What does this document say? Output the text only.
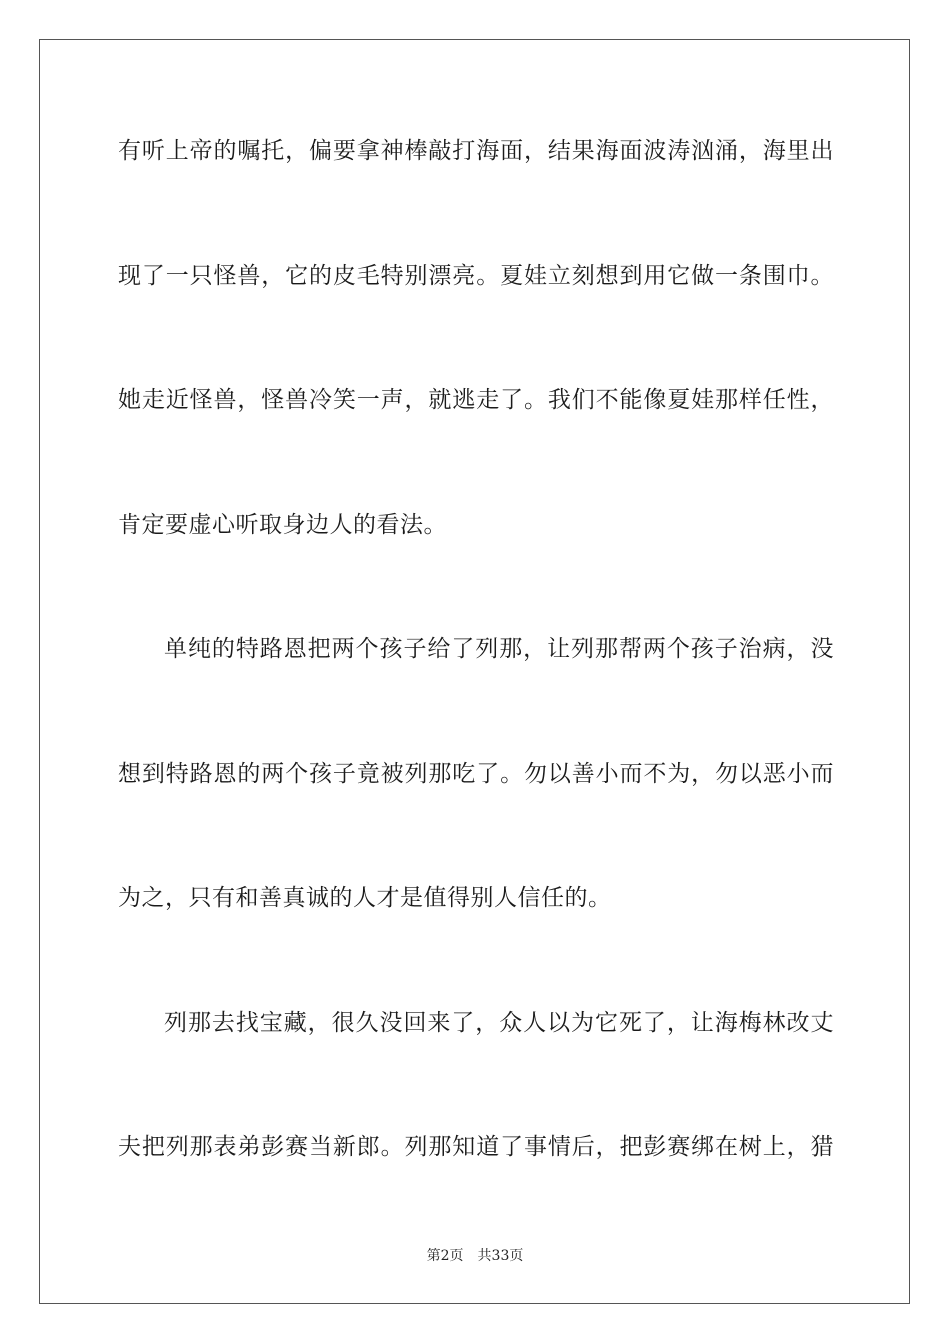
有听上帝的嘱托，偏要拿神棒敲打海面，结果海面波涛汹涌，海里出
现了一只怪兽，它的皮毛特别漂亮。夏娃立刻想到用它做一条围巾。
她走近怪兽，怪兽冷笑一声，就逃走了。我们不能像夏娃那样任性，
肯定要虚心听取身边人的看法。
单纯的特路恩把两个孩子给了列那，让列那帮两个孩子治病，没
想到特路恩的两个孩子竟被列那吃了。勿以善小而不为，勿以恶小而
为之，只有和善真诚的人才是值得别人信任的。
列那去找宝藏，很久没回来了，众人以为它死了，让海梅林改丈
夫把列那表弟彭赛当新郎。列那知道了事情后，把彭赛绑在树上，猎
第2页 共33页
